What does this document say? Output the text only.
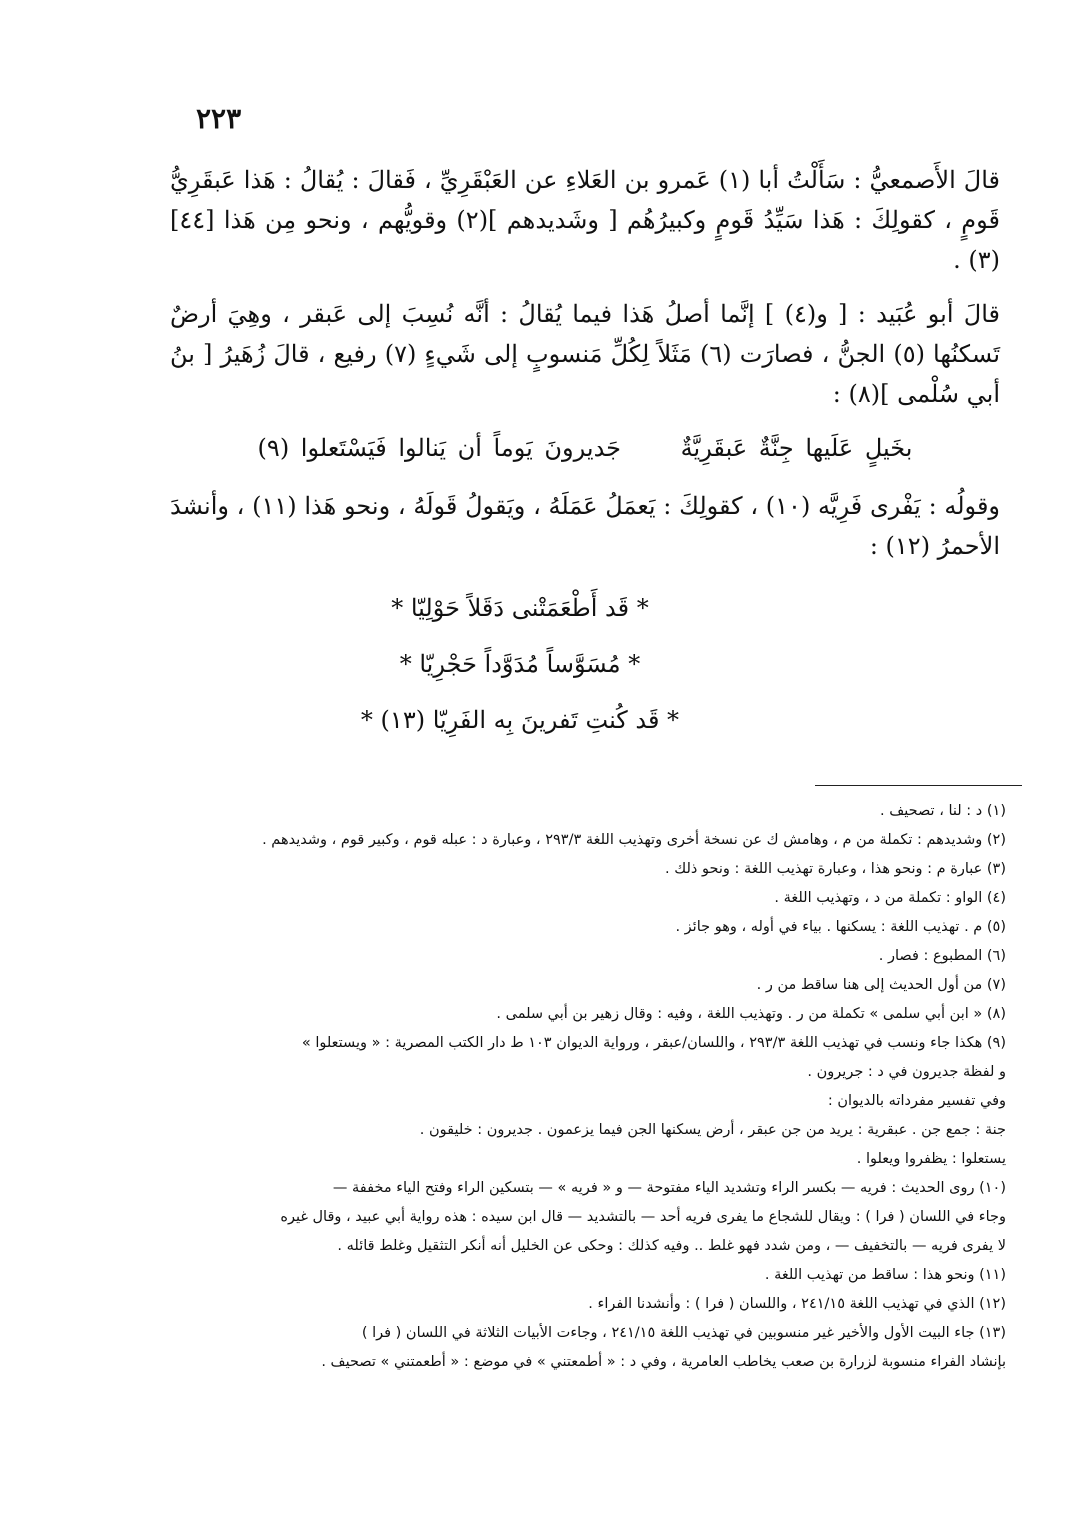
٢٢٣

قالَ الأَصمعيُّ : سَأَلْتُ أبا (١) عَمرو بن العَلاءِ عن العَبْقَرِيِّ ، فَقالَ : يُقالُ : هَذا عَبقَرِيُّ قَومٍ ، كقولِكَ : هَذا سَيِّدُ قَومٍ وكبيرُهُم [ وشَديدهم ](٢) وقويُّهم ، ونحو مِن هَذا [٤٤] (٣) .

قالَ أبو عُبَيد : [ و(٤) ] إنَّما أصلُ هَذا فيما يُقالُ : أنَّه نُسِبَ إلى عَبقر ، وهِيَ أرضٌ تَسكنُها (٥) الجنُّ ، فصارَت (٦) مَثَلاً لِكُلِّ مَنسوبٍ إلى شَيءٍ (٧) رفيع ، قالَ زُهَيرُ [ بنُ أبي سُلْمى ](٨) :

بخَيلٍ عَلَيها جِنَّةٌ عَبقَرِيَّةٌ جَديرونَ يَوماً أن يَنالوا فَيَسْتَعلوا (٩)

وقولُه : يَفْرى فَرِيَّه (١٠) ، كقولِكَ : يَعمَلُ عَمَلَهُ ، ويَقولُ قَولَهُ ، ونحو هَذا (١١) ، وأنشدَ الأحمرُ (١٢) :

* قَد أَطْعَمَتْنى دَقَلاً حَوْلِيّا *
* مُسَوَّساً مُدَوَّداً حَجْرِيّا *
* قَد كُنتِ تَفرينَ بِه الفَرِيّا (١٣) *
(١) د : لنا ، تصحيف .
(٢) وشديدهم : تكملة من م ، وهامش ك عن نسخة أخرى وتهذيب اللغة ٢٩٣/٣ ، وعبارة د : عبله قوم ، وكبير قوم ، وشديدهم .
(٣) عبارة م : ونحو هذا ، وعبارة تهذيب اللغة : ونحو ذلك .
(٤) الواو : تكملة من د ، وتهذيب اللغة .
(٥) م . تهذيب اللغة : يسكنها . بياء في أوله ، وهو جائز .
(٦) المطبوع : فصار .
(٧) من أول الحديث إلى هنا ساقط من ر .
(٨) « ابن أبي سلمى » تكملة من ر . وتهذيب اللغة ، وفيه : وقال زهير بن أبي سلمى .
(٩) هكذا جاء ونسب في تهذيب اللغة ٢٩٣/٣ ، واللسان/عبقر ، ورواية الديوان ١٠٣ ط دار الكتب المصرية : « ويستعلوا »
و لفظة جديرون في د : جريرون .
وفي تفسير مفرداته بالديوان :
جنة : جمع جن . عبقرية : يريد من جن عبقر ، أرض يسكنها الجن فيما يزعمون . جديرون : خليقون .
يستعلوا : يظفروا ويعلوا .
(١٠) روى الحديث : فريه — بكسر الراء وتشديد الياء مفتوحة — و « فريه » — بتسكين الراء وفتح الياء مخففة —
وجاء في اللسان ( فرا ) : ويقال للشجاع ما يفرى فريه أحد — بالتشديد — قال ابن سيده : هذه رواية أبي عبيد ، وقال غيره
لا يفرى فريه — بالتخفيف — ، ومن شدد فهو غلط .. وفيه كذلك : وحكى عن الخليل أنه أنكر التثقيل وغلط قائله .
(١١) ونحو هذا : ساقط من تهذيب اللغة .
(١٢) الذي في تهذيب اللغة ٢٤١/١٥ ، واللسان ( فرا ) : وأنشدنا الفراء .
(١٣) جاء البيت الأول والأخير غير منسوبين في تهذيب اللغة ٢٤١/١٥ ، وجاءت الأبيات الثلاثة في اللسان ( فرا )
بإنشاد الفراء منسوبة لزرارة بن صعب يخاطب العامرية ، وفي د : « أطمعتني » في موضع : « أطعمتني » تصحيف .
